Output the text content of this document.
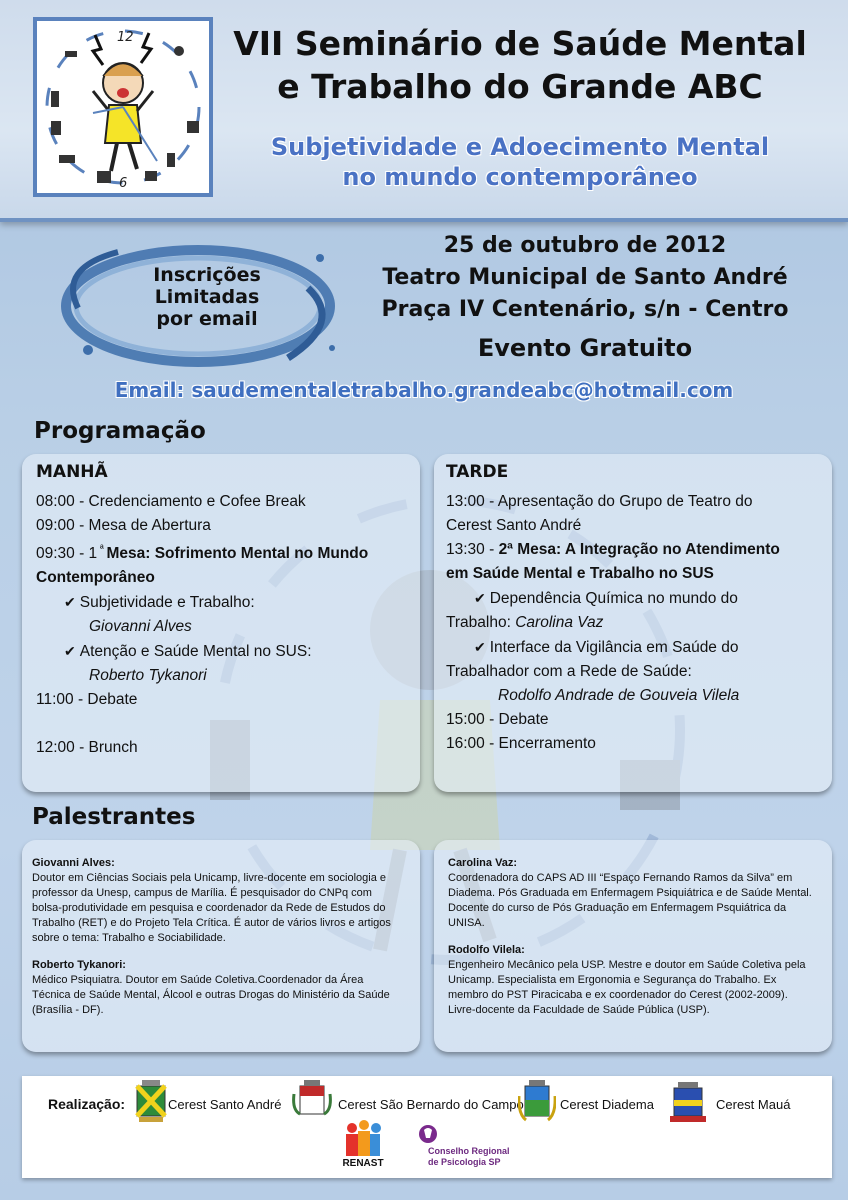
12
6
VII Seminário de Saúde Mental
e Trabalho do Grande ABC
Subjetividade e Adoecimento Mental
no mundo contemporâneo
Inscrições
Limitadas
por email
25 de outubro de 2012
Teatro Municipal de Santo André
Praça IV Centenário, s/n - Centro
Evento Gratuito
Email: saudementaletrabalho.grandeabc@hotmail.com
Programação
MANHÃ
08:00 - Credenciamento e Cofee Break
09:00 - Mesa de Abertura
09:30 - 1 $^ª$ Mesa: Sofrimento Mental no Mundo
Contemporâneo
✔ Subjetividade e Trabalho:
Giovanni Alves
✔ Atenção e Saúde Mental no SUS:
Roberto Tykanori
11:00 - Debate
12:00 - Brunch
TARDE
13:00 - Apresentação do Grupo de Teatro do
Cerest Santo André
13:30 - 2ª Mesa: A Integração no Atendimento
em Saúde Mental e Trabalho no SUS
✔ Dependência Química no mundo do
Trabalho: Carolina Vaz
✔ Interface da Vigilância em Saúde do
Trabalhador com a Rede de Saúde:
Rodolfo Andrade de Gouveia Vilela
15:00 - Debate
16:00 - Encerramento
Palestrantes

Giovanni Alves:
Doutor em Ciências Sociais pela Unicamp, livre-docente em sociologia e professor da Unesp, campus de Marília. É pesquisador do CNPq com bolsa-produtividade em pesquisa e coordenador da Rede de Estudos do Trabalho (RET) e do Projeto Tela Crítica. É autor de vários livros e artigos sobre o tema: Trabalho e Sociabilidade.

Roberto Tykanori:
Médico Psiquiatra. Doutor em Saúde Coletiva.Coordenador da Área Técnica de Saúde Mental, Álcool e outras Drogas do Ministério da Saúde (Brasília - DF).

Carolina Vaz:
Coordenadora do CAPS AD III “Espaço Fernando Ramos da Silva” em Diadema. Pós Graduada em Enfermagem Psiquiátrica e de Saúde Mental. Docente do curso de Pós Graduação em Enfermagem Psquiátrica da UNISA.

Rodolfo Vilela:
Engenheiro Mecânico pela USP. Mestre e doutor em Saúde Coletiva pela Unicamp. Especialista em Ergonomia e Segurança do Trabalho. Ex membro do PST Piracicaba e ex coordenador do Cerest (2002-2009). Livre-docente da Faculdade de Saúde Pública (USP).

Realização:	Cerest Santo André	Cerest São Bernardo do Campo	Cerest Diadema	Cerest Mauá
RENAST
Conselho Regional
de Psicologia SP
